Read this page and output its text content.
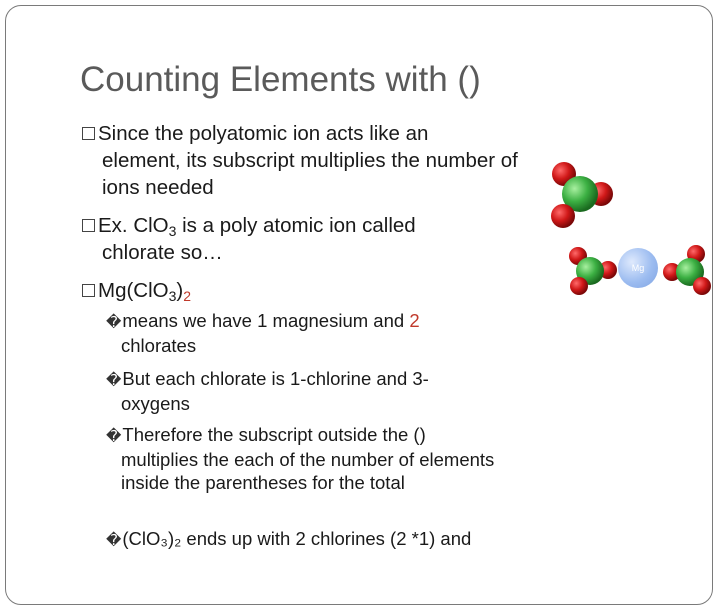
Counting Elements with ()
Since the polyatomic ion acts like an
element, its subscript multiplies the number of ions needed
Ex. ClO$_3$ is a poly atomic ion called
chlorate so…
$Mg(ClO_3)_2$
�means we have 1 magnesium and 2
chlorates
�But each chlorate is 1-chlorine and 3-
oxygens
�Therefore the subscript outside the ()
multiplies the each of the number of elements inside the parentheses for the total
�(ClO₃)₂ ends up with 2 chlorines (2 *1) and
Mg
